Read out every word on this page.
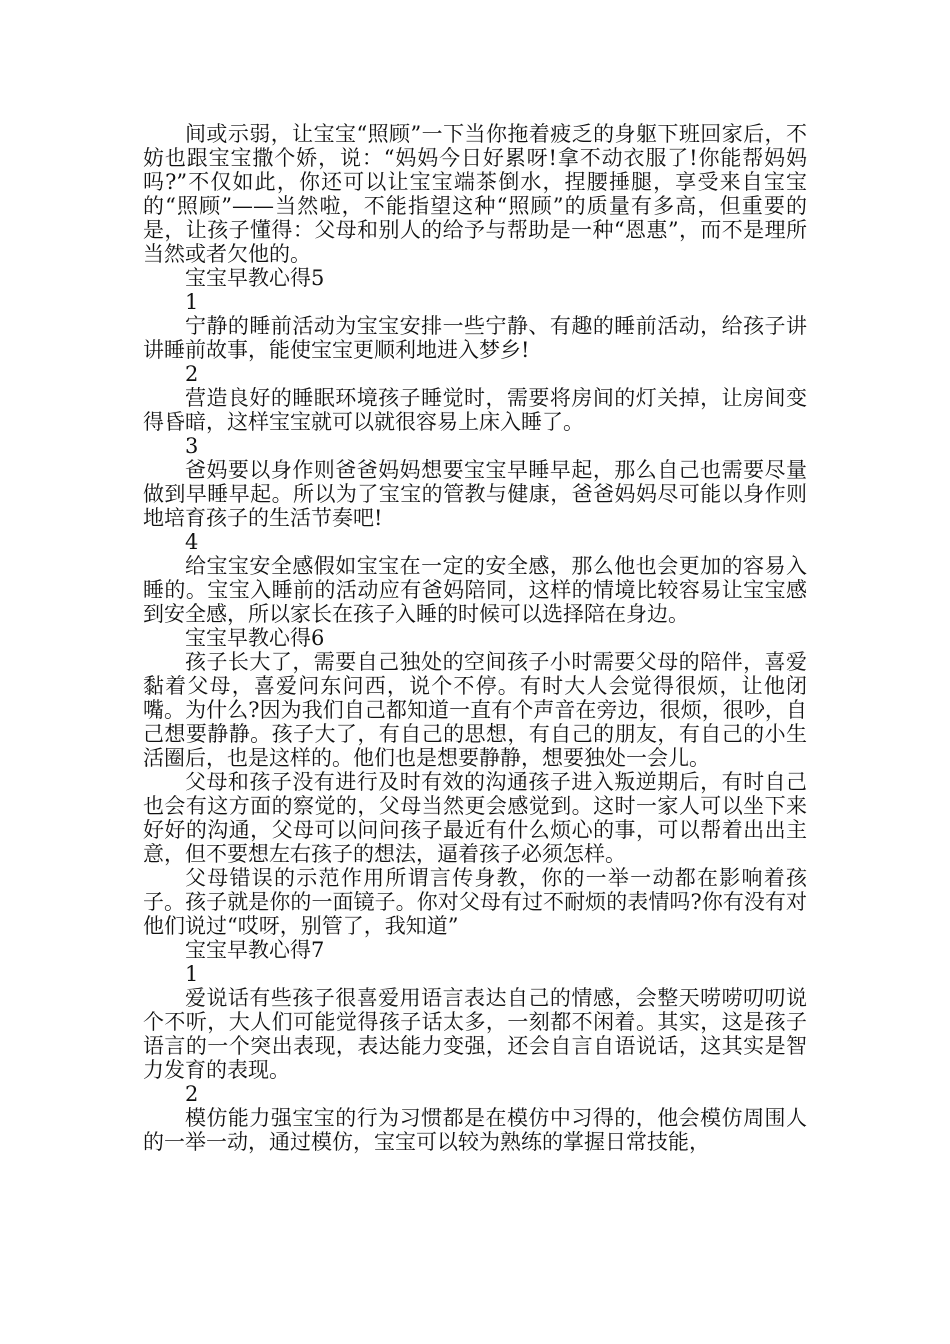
间或示弱，让宝宝“照顾”一下当你拖着疲乏的身躯下班回家后，不妨也跟宝宝撒个娇，说：“妈妈今日好累呀!拿不动衣服了!你能帮妈妈吗?”不仅如此，你还可以让宝宝端茶倒水，捏腰捶腿，享受来自宝宝的“照顾”——当然啦，不能指望这种“照顾”的质量有多高，但重要的是，让孩子懂得：父母和别人的给予与帮助是一种“恩惠”，而不是理所当然或者欠他的。

宝宝早教心得5

1

宁静的睡前活动为宝宝安排一些宁静、有趣的睡前活动，给孩子讲讲睡前故事，能使宝宝更顺利地进入梦乡!

2

营造良好的睡眠环境孩子睡觉时，需要将房间的灯关掉，让房间变得昏暗，这样宝宝就可以就很容易上床入睡了。

3

爸妈要以身作则爸爸妈妈想要宝宝早睡早起，那么自己也需要尽量做到早睡早起。所以为了宝宝的管教与健康，爸爸妈妈尽可能以身作则地培育孩子的生活节奏吧!

4

给宝宝安全感假如宝宝在一定的安全感，那么他也会更加的容易入睡的。宝宝入睡前的活动应有爸妈陪同，这样的情境比较容易让宝宝感到安全感，所以家长在孩子入睡的时候可以选择陪在身边。

宝宝早教心得6

孩子长大了，需要自己独处的空间孩子小时需要父母的陪伴，喜爱黏着父母，喜爱问东问西，说个不停。有时大人会觉得很烦，让他闭嘴。为什么?因为我们自己都知道一直有个声音在旁边，很烦，很吵，自己想要静静。孩子大了，有自己的思想，有自己的朋友，有自己的小生活圈后，也是这样的。他们也是想要静静，想要独处一会儿。

父母和孩子没有进行及时有效的沟通孩子进入叛逆期后，有时自己也会有这方面的察觉的，父母当然更会感觉到。这时一家人可以坐下来好好的沟通，父母可以问问孩子最近有什么烦心的事，可以帮着出出主意，但不要想左右孩子的想法，逼着孩子必须怎样。

父母错误的示范作用所谓言传身教，你的一举一动都在影响着孩子。孩子就是你的一面镜子。你对父母有过不耐烦的表情吗?你有没有对他们说过“哎呀，别管了，我知道”

宝宝早教心得7

1

爱说话有些孩子很喜爱用语言表达自己的情感，会整天唠唠叨叨说个不听，大人们可能觉得孩子话太多，一刻都不闲着。其实，这是孩子语言的一个突出表现，表达能力变强，还会自言自语说话，这其实是智力发育的表现。

2

模仿能力强宝宝的行为习惯都是在模仿中习得的，他会模仿周围人的一举一动，通过模仿，宝宝可以较为熟练的掌握日常技能，
